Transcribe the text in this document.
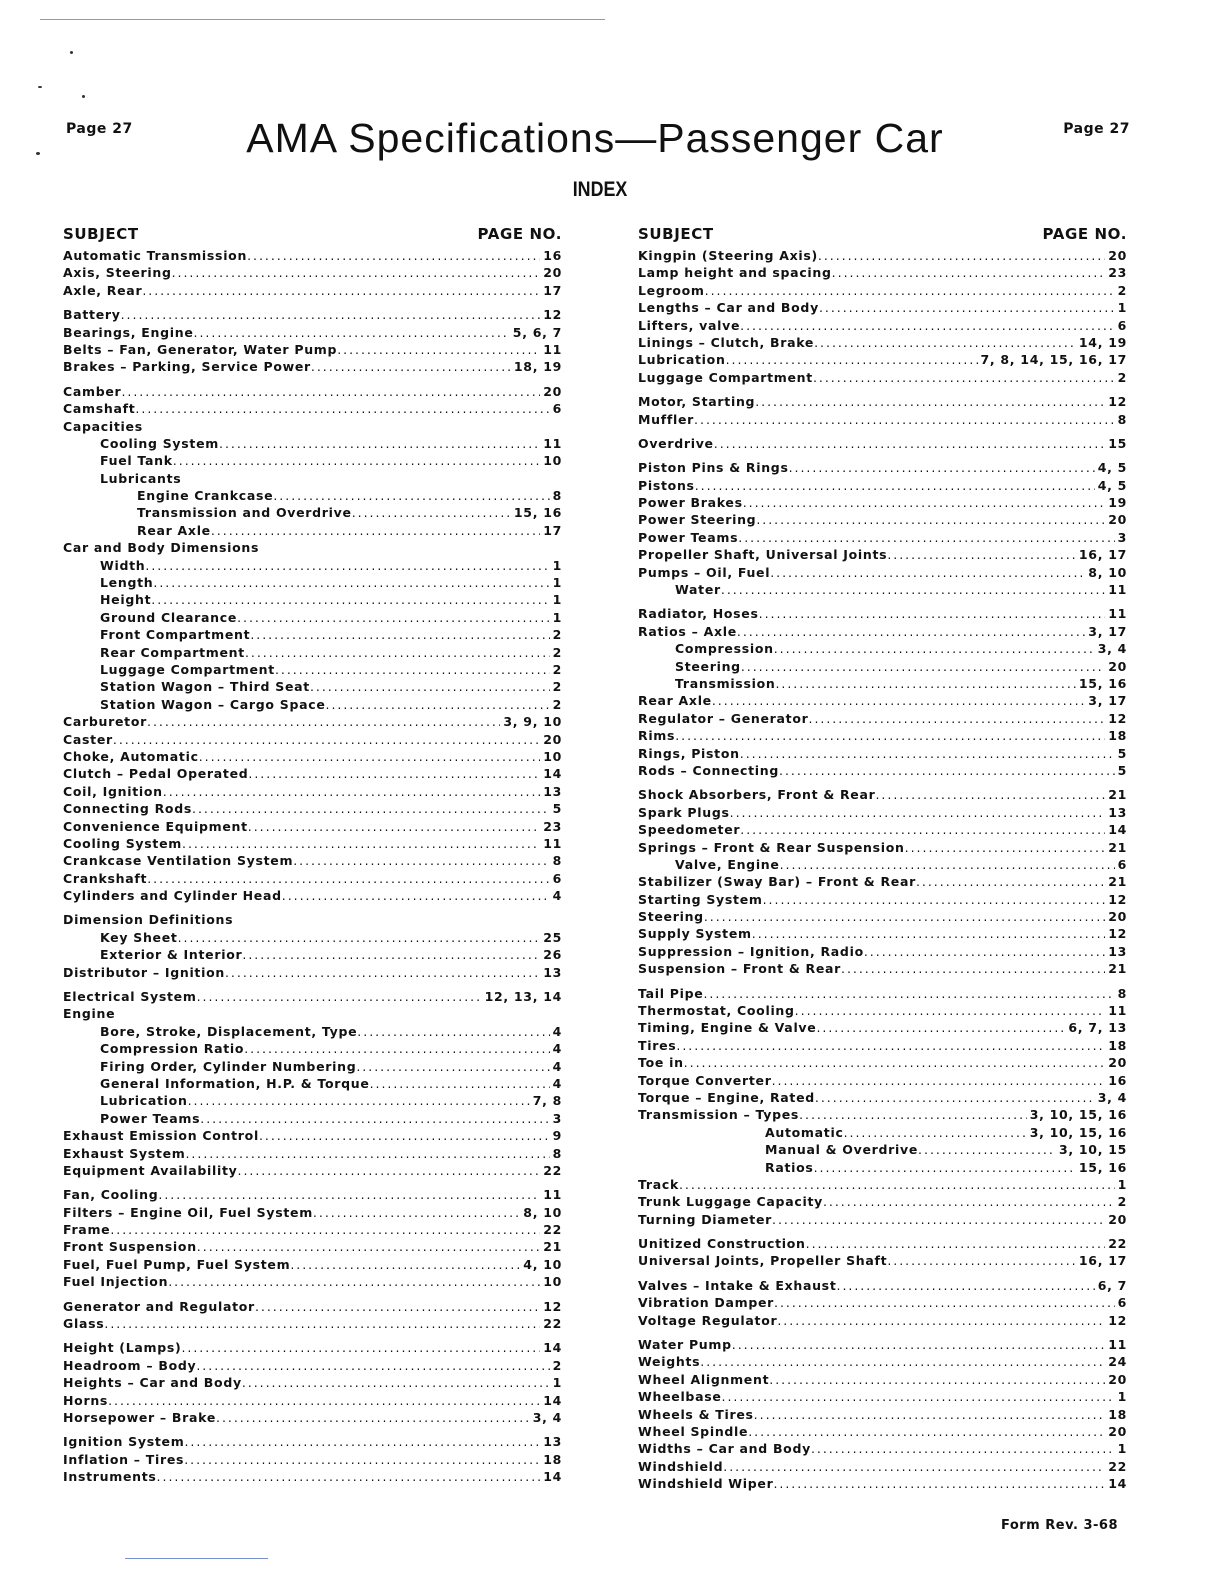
Page 27	AMA Specifications—Passenger Car	Page 27
INDEX
SUBJECT	PAGE NO.
Automatic Transmission . . .	16
Axis, Steering . . .	20
Axle, Rear . . .	17
Battery . . .	12
Bearings, Engine . . .	5, 6, 7
Belts – Fan, Generator, Water Pump . . .	11
Brakes – Parking, Service Power . . .	18, 19
Camber . . .	20
Camshaft . . .	6
Capacities
Cooling System . . .	11
Fuel Tank . . .	10
Lubricants
Engine Crankcase . . .	8
Transmission and Overdrive . . .	15, 16
Rear Axle . . .	17
Car and Body Dimensions
Width . . .	1
Length . . .	1
Height . . .	1
Ground Clearance . . .	1
Front Compartment . . .	2
Rear Compartment . . .	2
Luggage Compartment . . .	2
Station Wagon – Third Seat . . .	2
Station Wagon – Cargo Space . . .	2
Carburetor . . .	3, 9, 10
Caster . . .	20
Choke, Automatic . . .	10
Clutch – Pedal Operated . . .	14
Coil, Ignition . . .	13
Connecting Rods . . .	5
Convenience Equipment . . .	23
Cooling System . . .	11
Crankcase Ventilation System . . .	8
Crankshaft . . .	6
Cylinders and Cylinder Head . . .	4
Dimension Definitions
Key Sheet . . .	25
Exterior & Interior . . .	26
Distributor – Ignition . . .	13
Electrical System . . .	12, 13, 14
Engine
Bore, Stroke, Displacement, Type . . .	4
Compression Ratio . . .	4
Firing Order, Cylinder Numbering . . .	4
General Information, H.P. & Torque . . .	4
Lubrication . . .	7, 8
Power Teams . . .	3
Exhaust Emission Control . . .	9
Exhaust System . . .	8
Equipment Availability . . .	22
Fan, Cooling . . .	11
Filters – Engine Oil, Fuel System . . .	8, 10
Frame . . .	22
Front Suspension . . .	21
Fuel, Fuel Pump, Fuel System . . .	4, 10
Fuel Injection . . .	10
Generator and Regulator . . .	12
Glass . . .	22
Height (Lamps) . . .	14
Headroom – Body . . .	2
Heights – Car and Body . . .	1
Horns . . .	14
Horsepower – Brake . . .	3, 4
Ignition System . . .	13
Inflation – Tires . . .	18
Instruments . . .	14
SUBJECT	PAGE NO.
Kingpin (Steering Axis) . . .	20
Lamp height and spacing . . .	23
Legroom . . .	2
Lengths – Car and Body . . .	1
Lifters, valve . . .	6
Linings – Clutch, Brake . . .	14, 19
Lubrication . . .	7, 8, 14, 15, 16, 17
Luggage Compartment . . .	2
Motor, Starting . . .	12
Muffler . . .	8
Overdrive . . .	15
Piston Pins & Rings . . .	4, 5
Pistons . . .	4, 5
Power Brakes . . .	19
Power Steering . . .	20
Power Teams . . .	3
Propeller Shaft, Universal Joints . . .	16, 17
Pumps – Oil, Fuel . . .	8, 10
Water . . .	11
Radiator, Hoses . . .	11
Ratios – Axle . . .	3, 17
Compression . . .	3, 4
Steering . . .	20
Transmission . . .	15, 16
Rear Axle . . .	3, 17
Regulator – Generator . . .	12
Rims . . .	18
Rings, Piston . . .	5
Rods – Connecting . . .	5
Shock Absorbers, Front & Rear . . .	21
Spark Plugs . . .	13
Speedometer . . .	14
Springs – Front & Rear Suspension . . .	21
Valve, Engine . . .	6
Stabilizer (Sway Bar) – Front & Rear . . .	21
Starting System . . .	12
Steering . . .	20
Supply System . . .	12
Suppression – Ignition, Radio . . .	13
Suspension – Front & Rear . . .	21
Tail Pipe . . .	8
Thermostat, Cooling . . .	11
Timing, Engine & Valve . . .	6, 7, 13
Tires . . .	18
Toe in . . .	20
Torque Converter . . .	16
Torque – Engine, Rated . . .	3, 4
Transmission – Types . . .	3, 10, 15, 16
Automatic . . .	3, 10, 15, 16
Manual & Overdrive . . .	3, 10, 15
Ratios . . .	15, 16
Track . . .	1
Trunk Luggage Capacity . . .	2
Turning Diameter . . .	20
Unitized Construction . . .	22
Universal Joints, Propeller Shaft . . .	16, 17
Valves – Intake & Exhaust . . .	6, 7
Vibration Damper . . .	6
Voltage Regulator . . .	12
Water Pump . . .	11
Weights . . .	24
Wheel Alignment . . .	20
Wheelbase . . .	1
Wheels & Tires . . .	18
Wheel Spindle . . .	20
Widths – Car and Body . . .	1
Windshield . . .	22
Windshield Wiper . . .	14
Form Rev. 3-68
